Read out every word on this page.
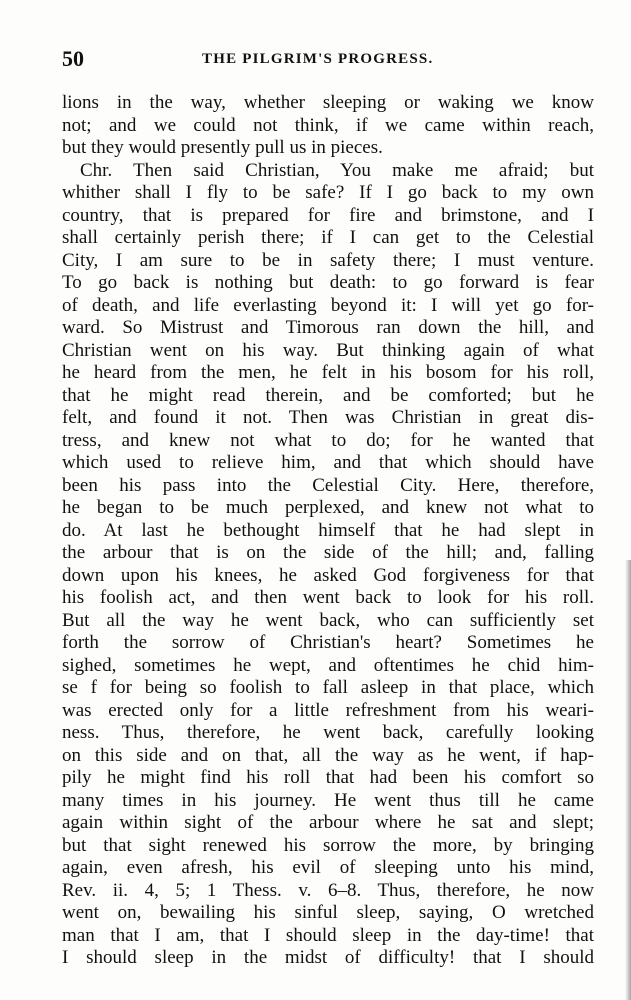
50	THE PILGRIM'S PROGRESS.
lions in the way, whether sleeping or waking we know
not; and we could not think, if we came within reach,
but they would presently pull us in pieces.
Chr. Then said Christian, You make me afraid; but
whither shall I fly to be safe? If I go back to my own
country, that is prepared for fire and brimstone, and I
shall certainly perish there; if I can get to the Celestial
City, I am sure to be in safety there; I must venture.
To go back is nothing but death: to go forward is fear
of death, and life everlasting beyond it: I will yet go for-
ward. So Mistrust and Timorous ran down the hill, and
Christian went on his way. But thinking again of what
he heard from the men, he felt in his bosom for his roll,
that he might read therein, and be comforted; but he
felt, and found it not. Then was Christian in great dis-
tress, and knew not what to do; for he wanted that
which used to relieve him, and that which should have
been his pass into the Celestial City. Here, therefore,
he began to be much perplexed, and knew not what to
do. At last he bethought himself that he had slept in
the arbour that is on the side of the hill; and, falling
down upon his knees, he asked God forgiveness for that
his foolish act, and then went back to look for his roll.
But all the way he went back, who can sufficiently set
forth the sorrow of Christian's heart? Sometimes he
sighed, sometimes he wept, and oftentimes he chid him-
se f for being so foolish to fall asleep in that place, which
was erected only for a little refreshment from his weari-
ness. Thus, therefore, he went back, carefully looking
on this side and on that, all the way as he went, if hap-
pily he might find his roll that had been his comfort so
many times in his journey. He went thus till he came
again within sight of the arbour where he sat and slept;
but that sight renewed his sorrow the more, by bringing
again, even afresh, his evil of sleeping unto his mind,
Rev. ii. 4, 5; 1 Thess. v. 6–8. Thus, therefore, he now
went on, bewailing his sinful sleep, saying, O wretched
man that I am, that I should sleep in the day-time! that
I should sleep in the midst of difficulty! that I should
